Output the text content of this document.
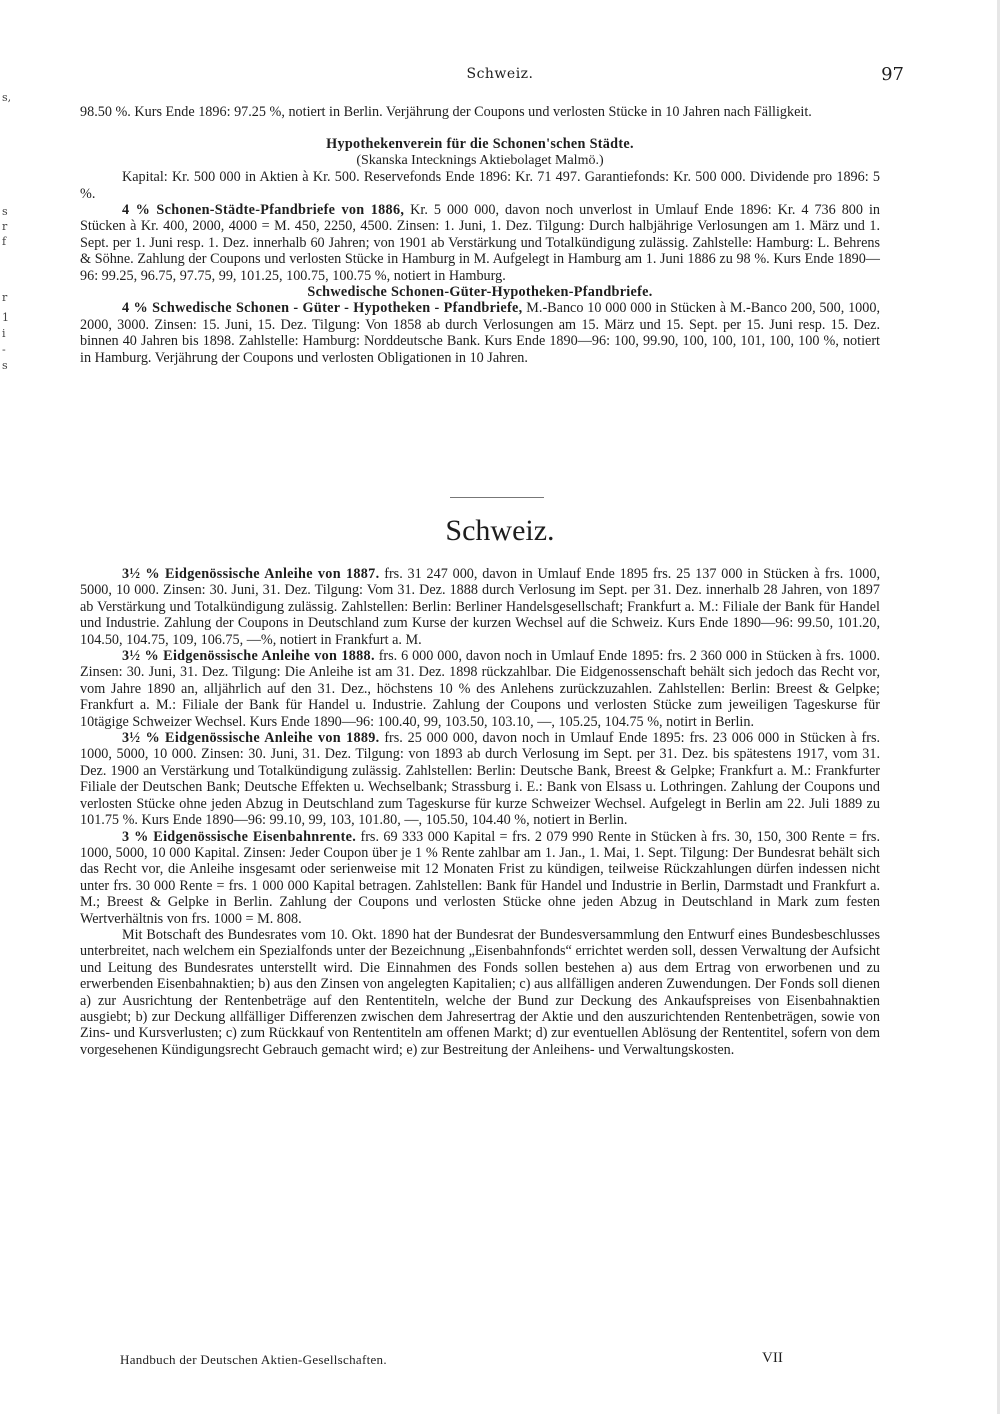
s,
s
r
f
r
1
i
-
s
Schweiz.	97

98.50 %. Kurs Ende 1896: 97.25 %, notiert in Berlin. Verjährung der Coupons und verlosten Stücke in 10 Jahren nach Fälligkeit.

Hypothekenverein für die Schonen'schen Städte.

(Skanska Intecknings Aktiebolaget Malmö.)

Kapital: Kr. 500 000 in Aktien à Kr. 500. Reservefonds Ende 1896: Kr. 71 497. Garantiefonds: Kr. 500 000. Dividende pro 1896: 5 %.

4 % Schonen-Städte-Pfandbriefe von 1886, Kr. 5 000 000, davon noch unverlost in Umlauf Ende 1896: Kr. 4 736 800 in Stücken à Kr. 400, 2000, 4000 = M. 450, 2250, 4500. Zinsen: 1. Juni, 1. Dez. Tilgung: Durch halbjährige Verlosungen am 1. März und 1. Sept. per 1. Juni resp. 1. Dez. innerhalb 60 Jahren; von 1901 ab Verstärkung und Totalkündigung zulässig. Zahlstelle: Hamburg: L. Behrens & Söhne. Zahlung der Coupons und verlosten Stücke in Hamburg in M. Aufgelegt in Hamburg am 1. Juni 1886 zu 98 %. Kurs Ende 1890—96: 99.25, 96.75, 97.75, 99, 101.25, 100.75, 100.75 %, notiert in Hamburg.

Schwedische Schonen-Güter-Hypotheken-Pfandbriefe.

4 % Schwedische Schonen - Güter - Hypotheken - Pfandbriefe, M.-Banco 10 000 000 in Stücken à M.-Banco 200, 500, 1000, 2000, 3000. Zinsen: 15. Juni, 15. Dez. Tilgung: Von 1858 ab durch Verlosungen am 15. März und 15. Sept. per 15. Juni resp. 15. Dez. binnen 40 Jahren bis 1898. Zahlstelle: Hamburg: Norddeutsche Bank. Kurs Ende 1890—96: 100, 99.90, 100, 100, 101, 100, 100 %, notiert in Hamburg. Verjährung der Coupons und verlosten Obligationen in 10 Jahren.

Schweiz.

3½ % Eidgenössische Anleihe von 1887. frs. 31 247 000, davon in Umlauf Ende 1895 frs. 25 137 000 in Stücken à frs. 1000, 5000, 10 000. Zinsen: 30. Juni, 31. Dez. Tilgung: Vom 31. Dez. 1888 durch Verlosung im Sept. per 31. Dez. innerhalb 28 Jahren, von 1897 ab Verstärkung und Totalkündigung zulässig. Zahlstellen: Berlin: Berliner Handelsgesellschaft; Frankfurt a. M.: Filiale der Bank für Handel und Industrie. Zahlung der Coupons in Deutschland zum Kurse der kurzen Wechsel auf die Schweiz. Kurs Ende 1890—96: 99.50, 101.20, 104.50, 104.75, 109, 106.75, —%, notiert in Frankfurt a. M.

3½ % Eidgenössische Anleihe von 1888. frs. 6 000 000, davon noch in Umlauf Ende 1895: frs. 2 360 000 in Stücken à frs. 1000. Zinsen: 30. Juni, 31. Dez. Tilgung: Die Anleihe ist am 31. Dez. 1898 rückzahlbar. Die Eidgenossenschaft behält sich jedoch das Recht vor, vom Jahre 1890 an, alljährlich auf den 31. Dez., höchstens 10 % des Anlehens zurückzuzahlen. Zahlstellen: Berlin: Breest & Gelpke; Frankfurt a. M.: Filiale der Bank für Handel u. Industrie. Zahlung der Coupons und verlosten Stücke zum jeweiligen Tageskurse für 10tägige Schweizer Wechsel. Kurs Ende 1890—96: 100.40, 99, 103.50, 103.10, —, 105.25, 104.75 %, notirt in Berlin.

3½ % Eidgenössische Anleihe von 1889. frs. 25 000 000, davon noch in Umlauf Ende 1895: frs. 23 006 000 in Stücken à frs. 1000, 5000, 10 000. Zinsen: 30. Juni, 31. Dez. Tilgung: von 1893 ab durch Verlosung im Sept. per 31. Dez. bis spätestens 1917, vom 31. Dez. 1900 an Verstärkung und Totalkündigung zulässig. Zahlstellen: Berlin: Deutsche Bank, Breest & Gelpke; Frankfurt a. M.: Frankfurter Filiale der Deutschen Bank; Deutsche Effekten u. Wechselbank; Strassburg i. E.: Bank von Elsass u. Lothringen. Zahlung der Coupons und verlosten Stücke ohne jeden Abzug in Deutschland zum Tageskurse für kurze Schweizer Wechsel. Aufgelegt in Berlin am 22. Juli 1889 zu 101.75 %. Kurs Ende 1890—96: 99.10, 99, 103, 101.80, —, 105.50, 104.40 %, notiert in Berlin.

3 % Eidgenössische Eisenbahnrente. frs. 69 333 000 Kapital = frs. 2 079 990 Rente in Stücken à frs. 30, 150, 300 Rente = frs. 1000, 5000, 10 000 Kapital. Zinsen: Jeder Coupon über je 1 % Rente zahlbar am 1. Jan., 1. Mai, 1. Sept. Tilgung: Der Bundesrat behält sich das Recht vor, die Anleihe insgesamt oder serienweise mit 12 Monaten Frist zu kündigen, teilweise Rückzahlungen dürfen indessen nicht unter frs. 30 000 Rente = frs. 1 000 000 Kapital betragen. Zahlstellen: Bank für Handel und Industrie in Berlin, Darmstadt und Frankfurt a. M.; Breest & Gelpke in Berlin. Zahlung der Coupons und verlosten Stücke ohne jeden Abzug in Deutschland in Mark zum festen Wertverhältnis von frs. 1000 = M. 808.

Mit Botschaft des Bundesrates vom 10. Okt. 1890 hat der Bundesrat der Bundesversammlung den Entwurf eines Bundesbeschlusses unterbreitet, nach welchem ein Spezialfonds unter der Bezeichnung „Eisenbahnfonds“ errichtet werden soll, dessen Verwaltung der Aufsicht und Leitung des Bundesrates unterstellt wird. Die Einnahmen des Fonds sollen bestehen a) aus dem Ertrag von erworbenen und zu erwerbenden Eisenbahnaktien; b) aus den Zinsen von angelegten Kapitalien; c) aus allfälligen anderen Zuwendungen. Der Fonds soll dienen a) zur Ausrichtung der Rentenbeträge auf den Rententiteln, welche der Bund zur Deckung des Ankaufspreises von Eisenbahnaktien ausgiebt; b) zur Deckung allfälliger Differenzen zwischen dem Jahresertrag der Aktie und den auszurichtenden Rentenbeträgen, sowie von Zins- und Kursverlusten; c) zum Rückkauf von Rententiteln am offenen Markt; d) zur eventuellen Ablösung der Rententitel, sofern von dem vorgesehenen Kündigungsrecht Gebrauch gemacht wird; e) zur Bestreitung der Anleihens- und Verwaltungskosten.

Handbuch der Deutschen Aktien-Gesellschaften.	VII
